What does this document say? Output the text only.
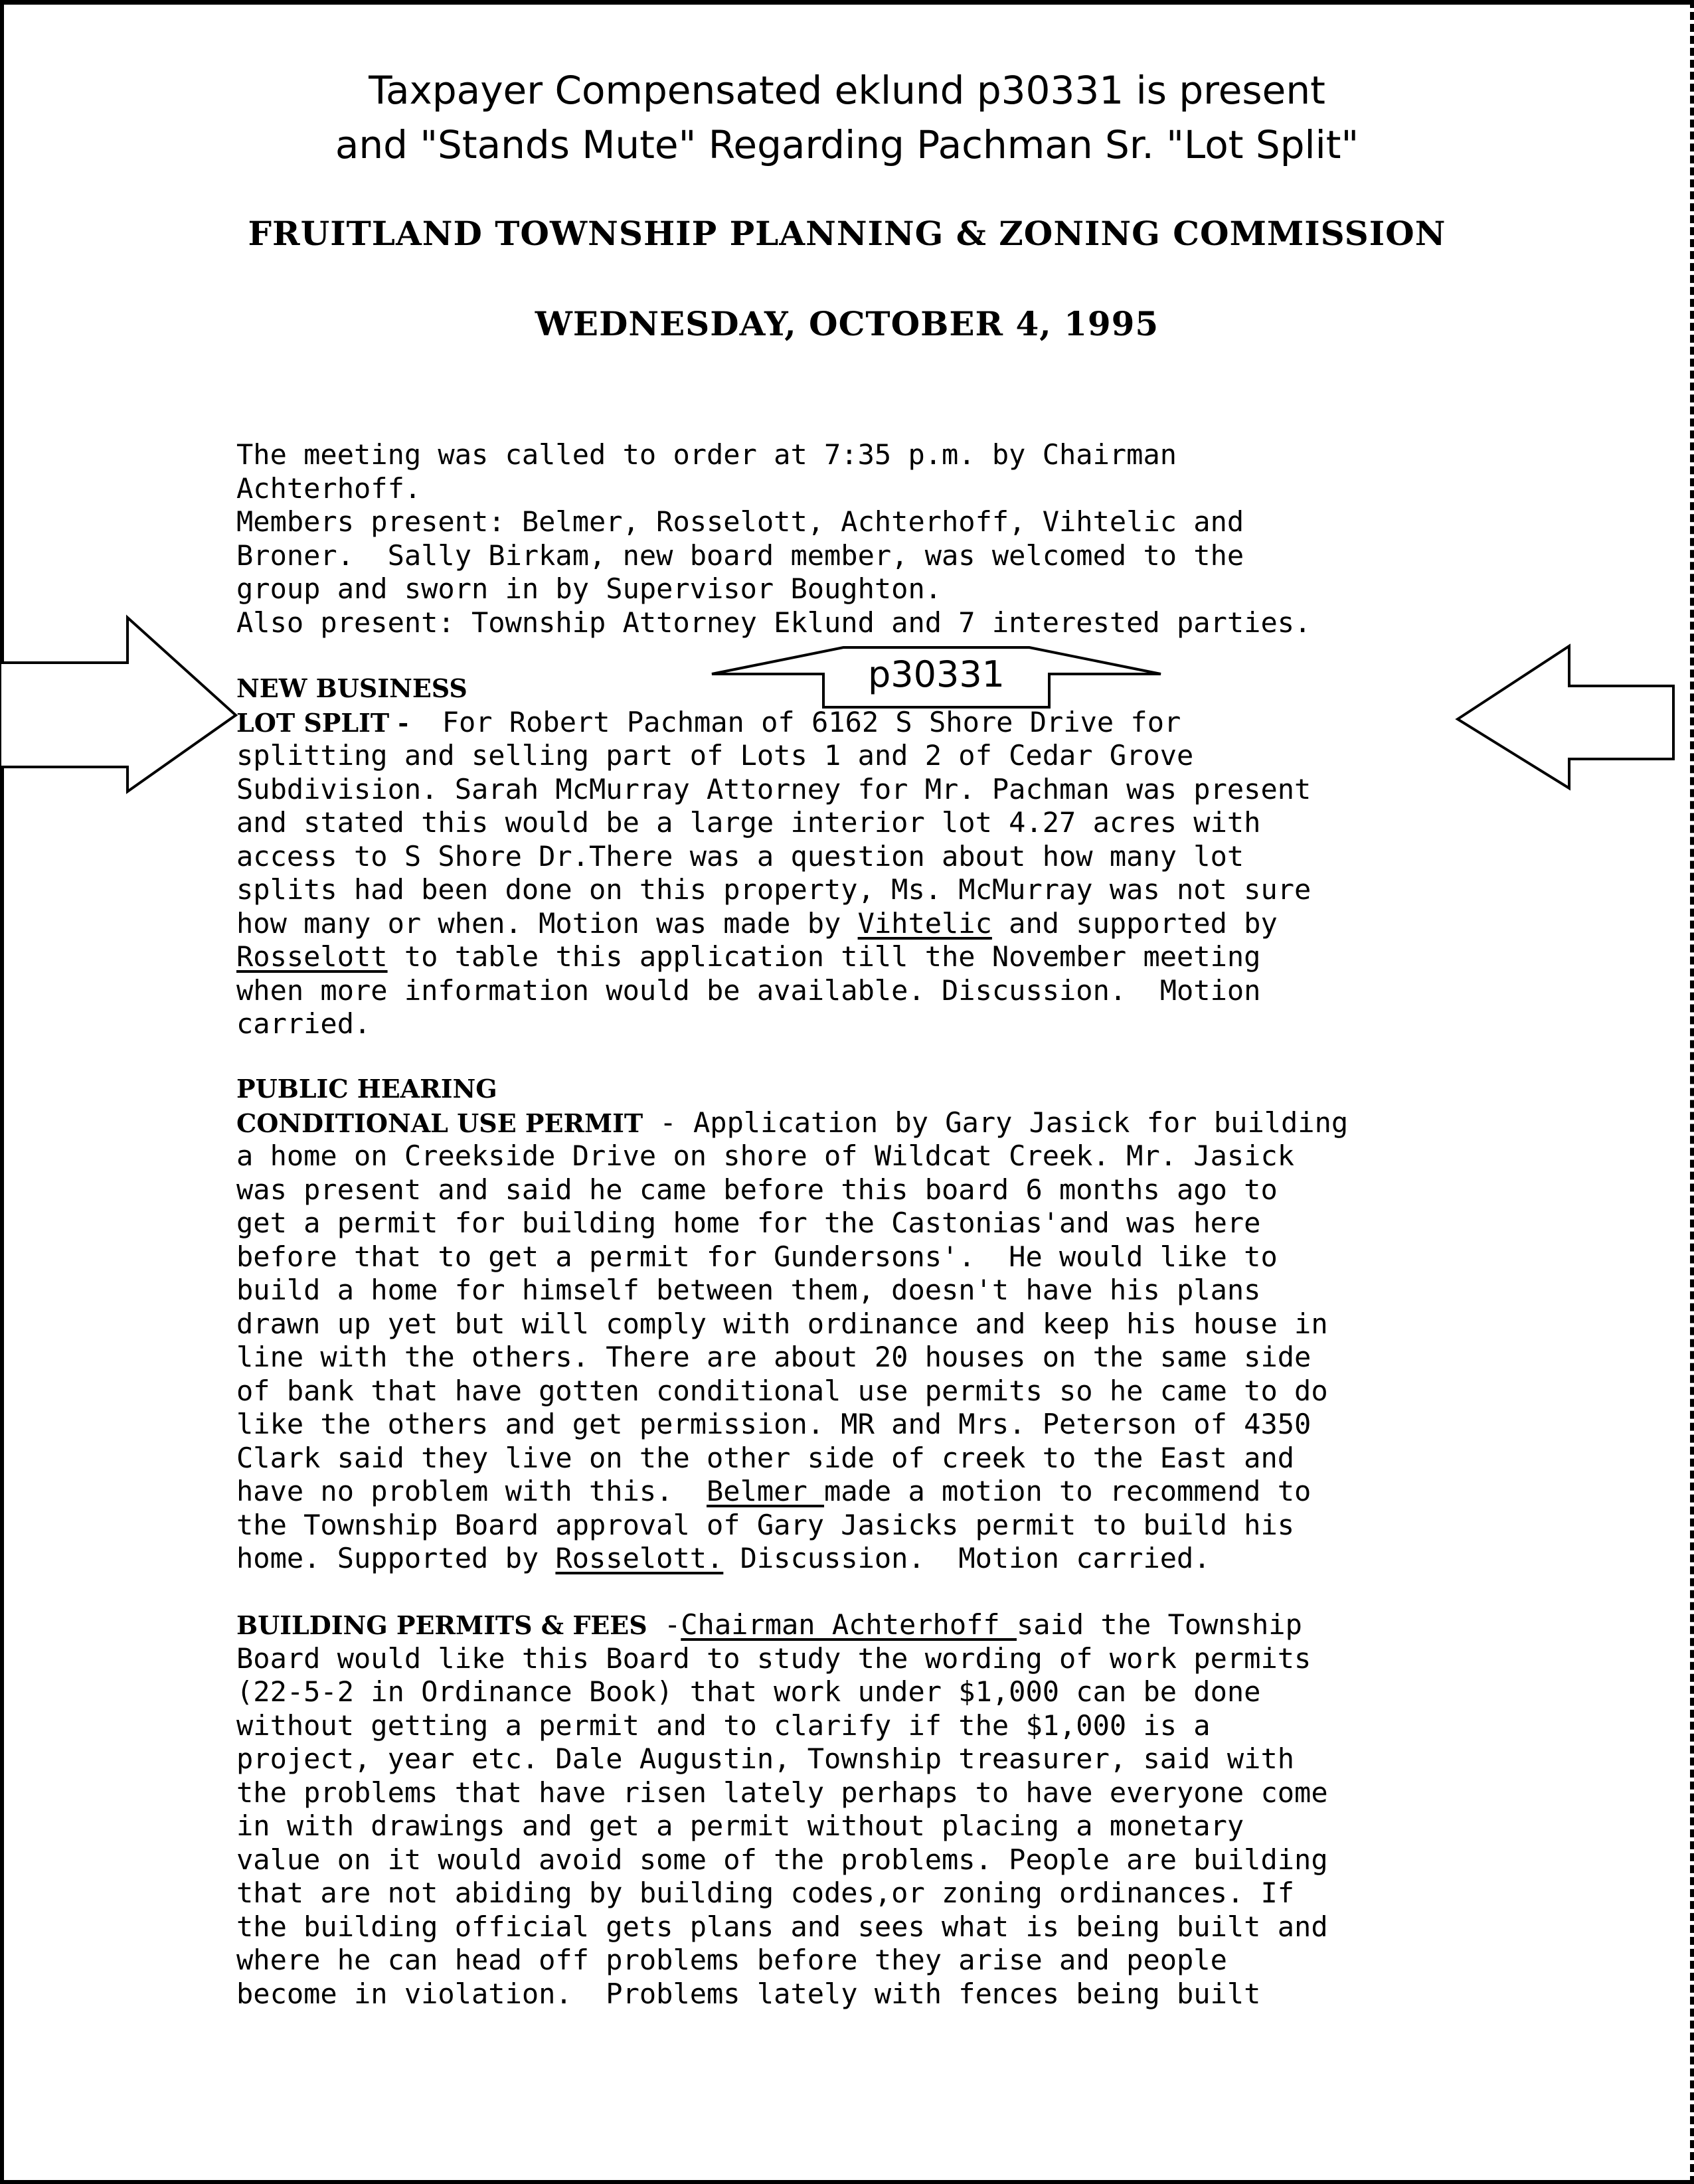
Taxpayer Compensated eklund p30331 is present
and "Stands Mute" Regarding Pachman Sr. "Lot Split"
FRUITLAND TOWNSHIP PLANNING & ZONING COMMISSION
WEDNESDAY, OCTOBER 4, 1995
p30331
The meeting was called to order at 7:35 p.m. by Chairman
Achterhoff.
Members present: Belmer, Rosselott, Achterhoff, Vihtelic and
Broner.  Sally Birkam, new board member, was welcomed to the
group and sworn in by Supervisor Boughton.
Also present: Township Attorney Eklund and 7 interested parties.
NEW BUSINESS
LOT SPLIT -  For Robert Pachman of 6162 S Shore Drive for
splitting and selling part of Lots 1 and 2 of Cedar Grove
Subdivision. Sarah McMurray Attorney for Mr. Pachman was present
and stated this would be a large interior lot 4.27 acres with
access to S Shore Dr.There was a question about how many lot
splits had been done on this property, Ms. McMurray was not sure
how many or when. Motion was made by Vihtelic and supported by
Rosselott to table this application till the November meeting
when more information would be available. Discussion.  Motion
carried.
PUBLIC HEARING
CONDITIONAL USE PERMIT - Application by Gary Jasick for building
a home on Creekside Drive on shore of Wildcat Creek. Mr. Jasick
was present and said he came before this board 6 months ago to
get a permit for building home for the Castonias'and was here
before that to get a permit for Gundersons'.  He would like to
build a home for himself between them, doesn't have his plans
drawn up yet but will comply with ordinance and keep his house in
line with the others. There are about 20 houses on the same side
of bank that have gotten conditional use permits so he came to do
like the others and get permission. MR and Mrs. Peterson of 4350
Clark said they live on the other side of creek to the East and
have no problem with this.  Belmer made a motion to recommend to
the Township Board approval of Gary Jasicks permit to build his
home. Supported by Rosselott. Discussion.  Motion carried.
BUILDING PERMITS & FEES -Chairman Achterhoff said the Township
Board would like this Board to study the wording of work permits
(22-5-2 in Ordinance Book) that work under $1,000 can be done
without getting a permit and to clarify if the $1,000 is a
project, year etc. Dale Augustin, Township treasurer, said with
the problems that have risen lately perhaps to have everyone come
in with drawings and get a permit without placing a monetary
value on it would avoid some of the problems. People are building
that are not abiding by building codes,or zoning ordinances. If
the building official gets plans and sees what is being built and
where he can head off problems before they arise and people
become in violation.  Problems lately with fences being built
